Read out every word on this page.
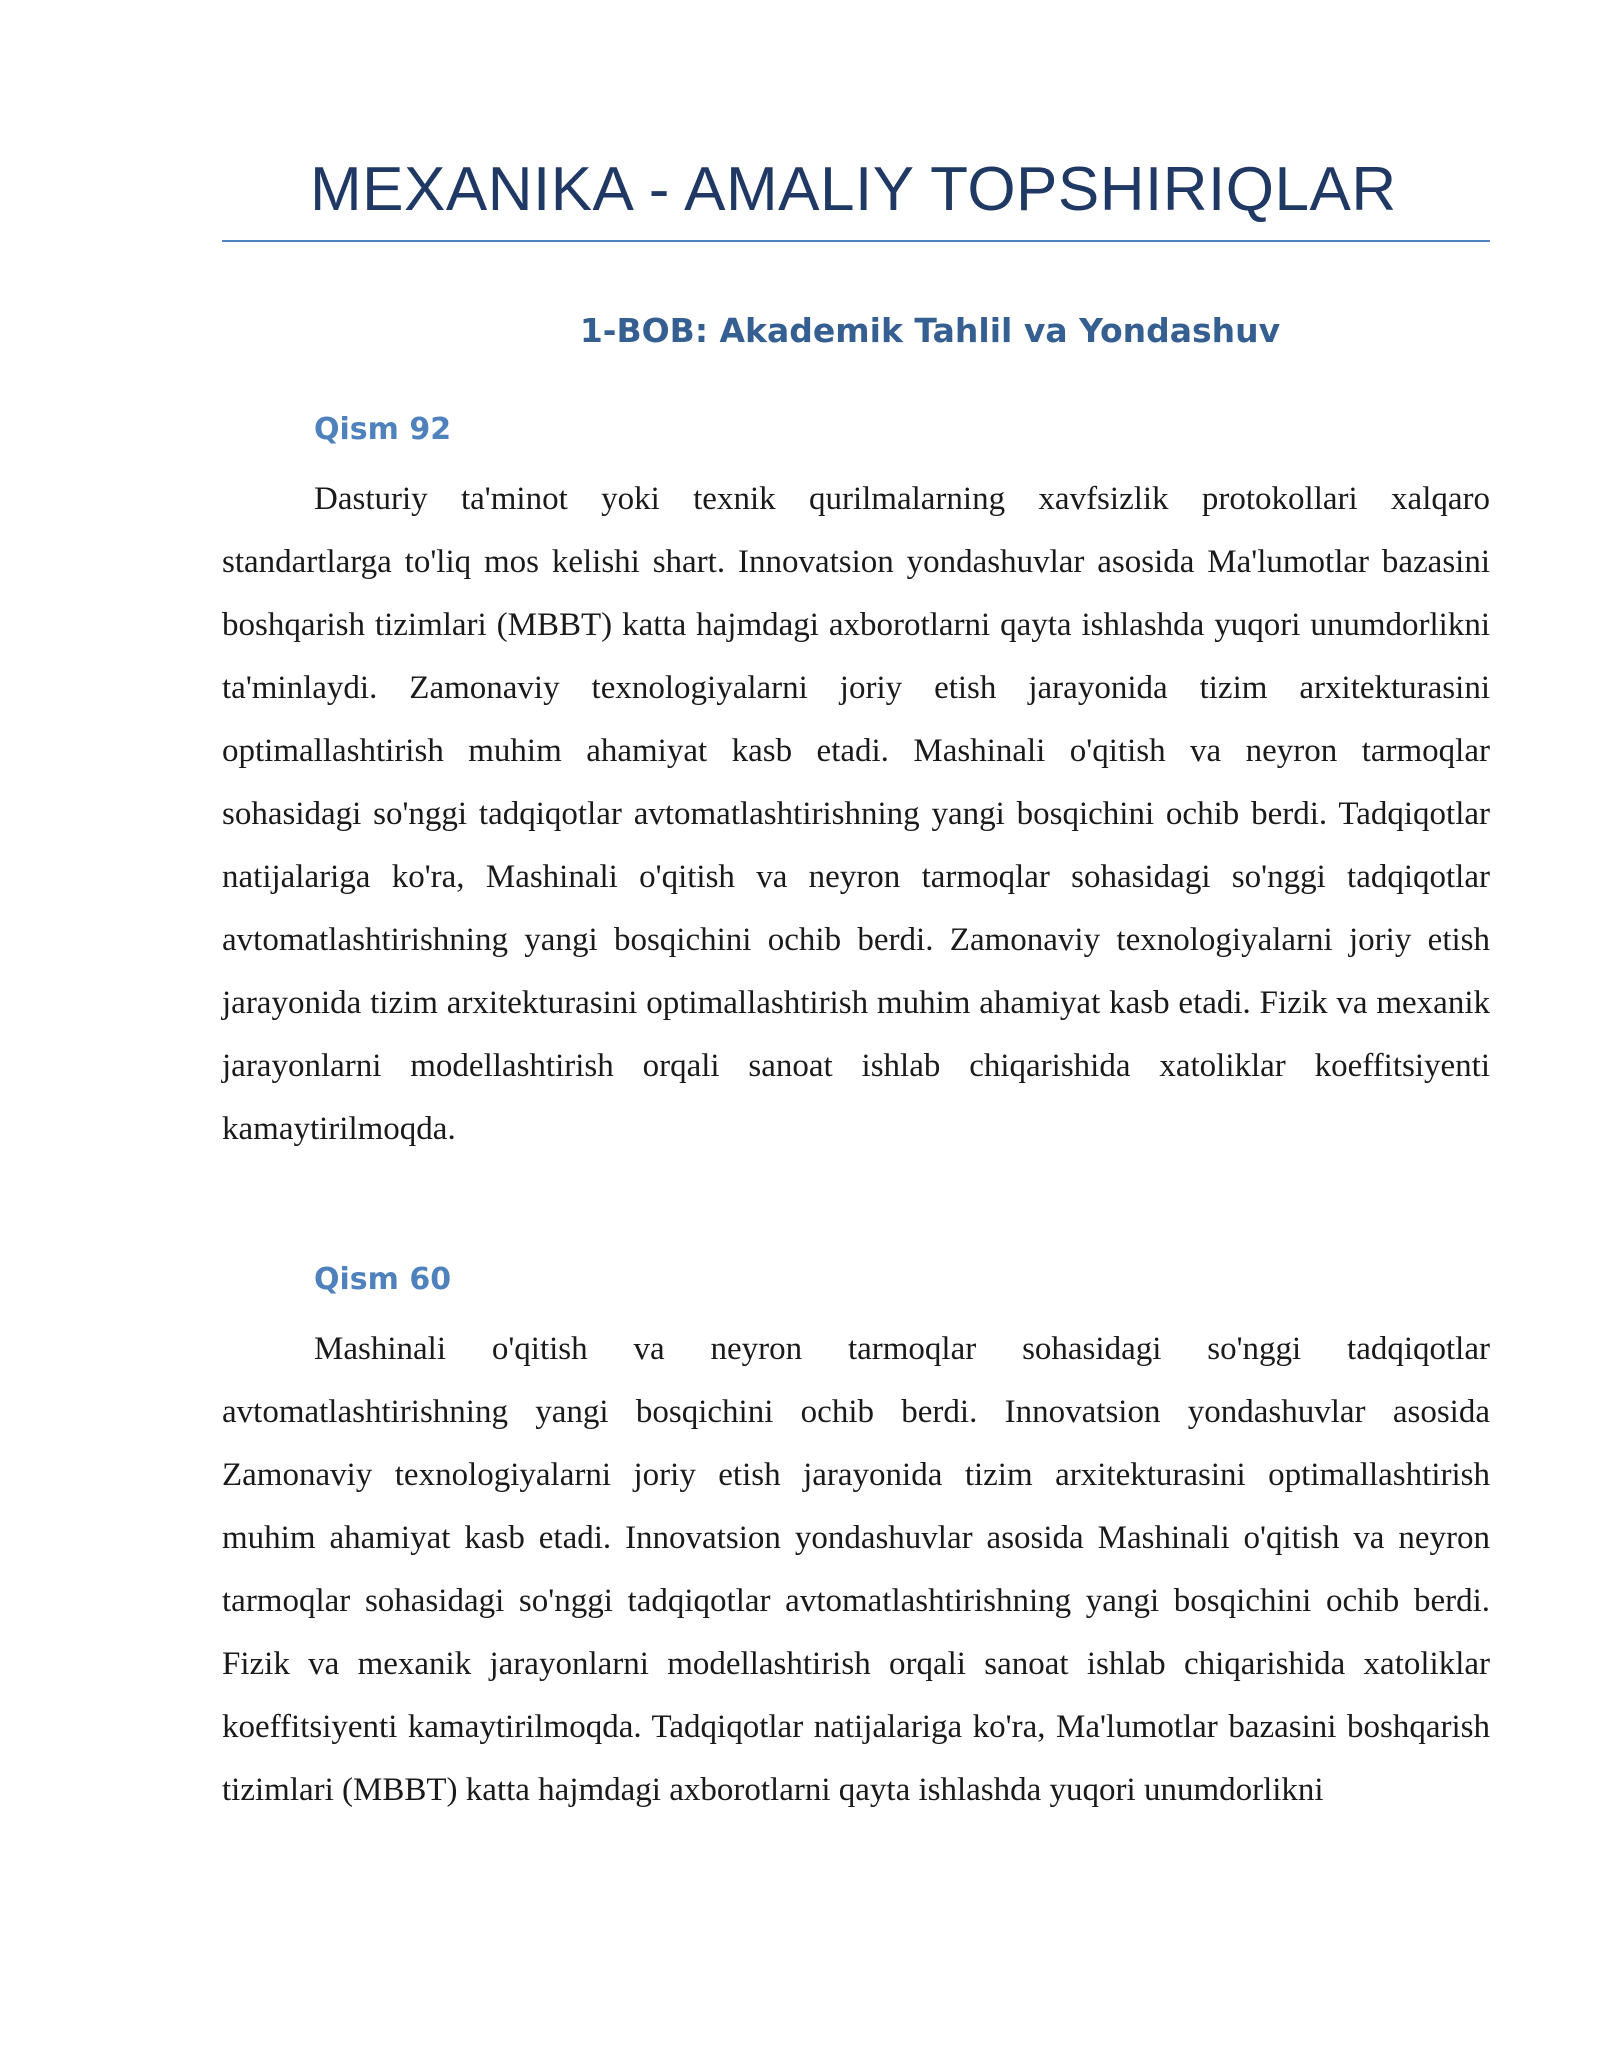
MEXANIKA - AMALIY TOPSHIRIQLAR
1-BOB: Akademik Tahlil va Yondashuv
Qism 92

Dasturiy ta'minot yoki texnik qurilmalarning xavfsizlik protokollari xalqaro standartlarga to'liq mos kelishi shart. Innovatsion yondashuvlar asosida Ma'lumotlar bazasini boshqarish tizimlari (MBBT) katta hajmdagi axborotlarni qayta ishlashda yuqori unumdorlikni ta'minlaydi. Zamonaviy texnologiyalarni joriy etish jarayonida tizim arxitekturasini optimallashtirish muhim ahamiyat kasb etadi. Mashinali o'qitish va neyron tarmoqlar sohasidagi so'nggi tadqiqotlar avtomatlashtirishning yangi bosqichini ochib berdi. Tadqiqotlar natijalariga ko'ra, Mashinali o'qitish va neyron tarmoqlar sohasidagi so'nggi tadqiqotlar avtomatlashtirishning yangi bosqichini ochib berdi. Zamonaviy texnologiyalarni joriy etish jarayonida tizim arxitekturasini optimallashtirish muhim ahamiyat kasb etadi. Fizik va mexanik jarayonlarni modellashtirish orqali sanoat ishlab chiqarishida xatoliklar koeffitsiyenti kamaytirilmoqda.

Qism 60

Mashinali o'qitish va neyron tarmoqlar sohasidagi so'nggi tadqiqotlar avtomatlashtirishning yangi bosqichini ochib berdi. Innovatsion yondashuvlar asosida Zamonaviy texnologiyalarni joriy etish jarayonida tizim arxitekturasini optimallashtirish muhim ahamiyat kasb etadi. Innovatsion yondashuvlar asosida Mashinali o'qitish va neyron tarmoqlar sohasidagi so'nggi tadqiqotlar avtomatlashtirishning yangi bosqichini ochib berdi. Fizik va mexanik jarayonlarni modellashtirish orqali sanoat ishlab chiqarishida xatoliklar koeffitsiyenti kamaytirilmoqda. Tadqiqotlar natijalariga ko'ra, Ma'lumotlar bazasini boshqarish tizimlari (MBBT) katta hajmdagi axborotlarni qayta ishlashda yuqori unumdorlikni
